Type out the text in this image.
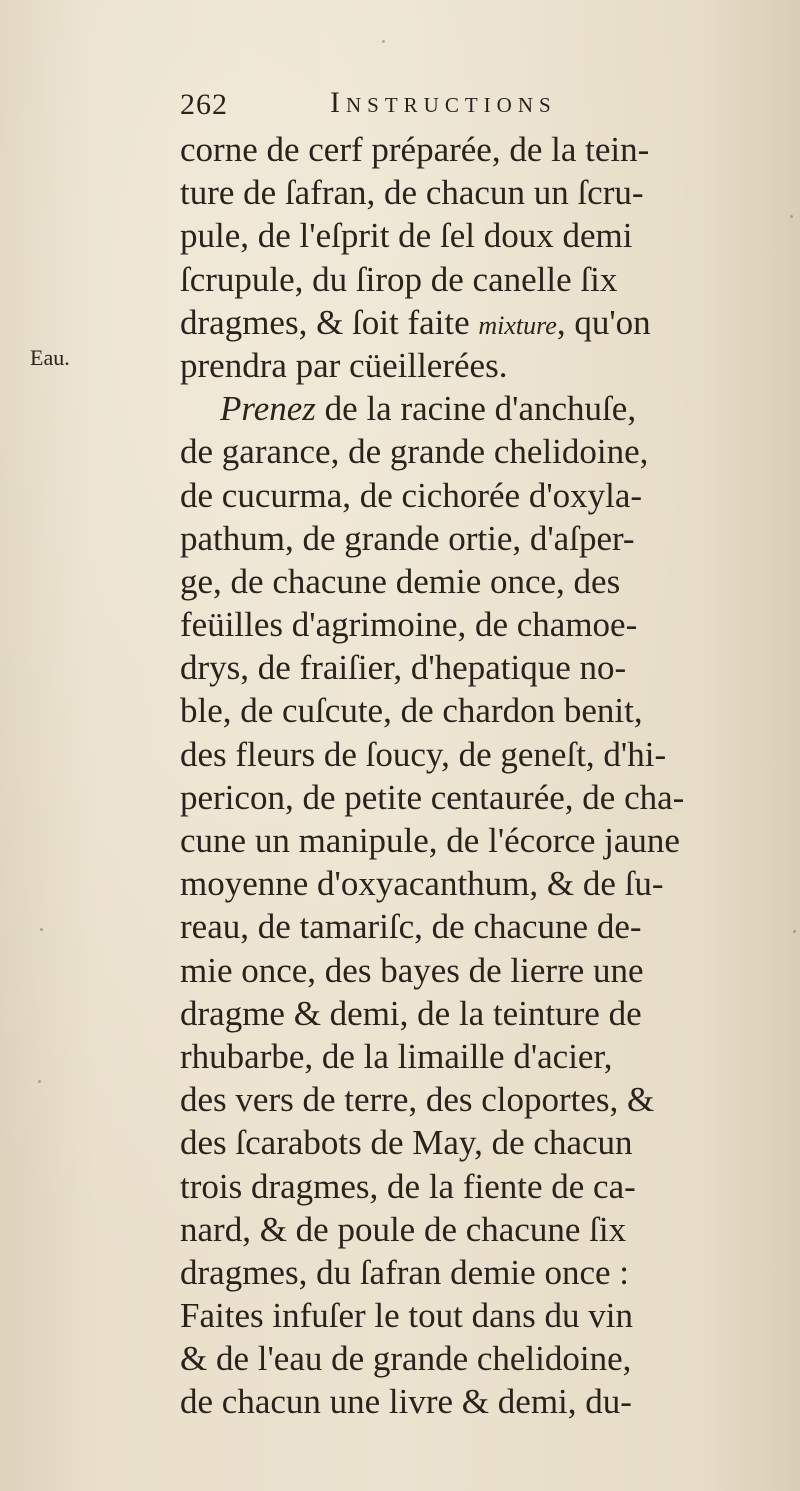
262	Instructions
Eau.
corne de cerf préparée, de la tein-
ture de ſafran, de chacun un ſcru-
pule, de l'eſprit de ſel doux demi
ſcrupule, du ſirop de canelle ſix
dragmes, & ſoit faite mixture, qu'on
prendra par cüeillerées.
Prenez de la racine d'anchuſe,
de garance, de grande chelidoine,
de cucurma, de cichorée d'oxyla-
pathum, de grande ortie, d'aſper-
ge, de chacune demie once, des
feüilles d'agrimoine, de chamoe-
drys, de fraiſier, d'hepatique no-
ble, de cuſcute, de chardon benit,
des fleurs de ſoucy, de geneſt, d'hi-
pericon, de petite centaurée, de cha-
cune un manipule, de l'écorce jaune
moyenne d'oxyacanthum, & de ſu-
reau, de tamariſc, de chacune de-
mie once, des bayes de lierre une
dragme & demi, de la teinture de
rhubarbe, de la limaille d'acier,
des vers de terre, des cloportes, &
des ſcarabots de May, de chacun
trois dragmes, de la fiente de ca-
nard, & de poule de chacune ſix
dragmes, du ſafran demie once :
Faites infuſer le tout dans du vin
& de l'eau de grande chelidoine,
de chacun une livre & demi, du-
